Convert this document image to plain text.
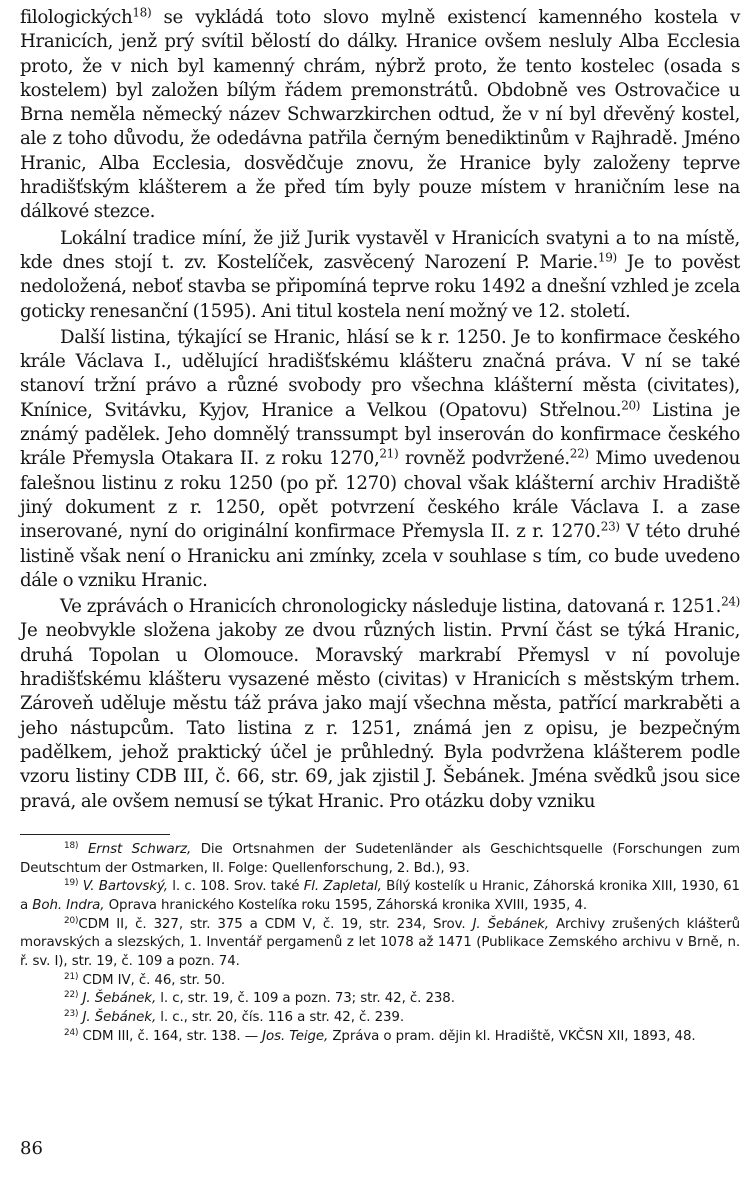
filologických$^{18)}$ se vykládá toto slovo mylně existencí kamenného kostela v Hranicích, jenž prý svítil bělostí do dálky. Hranice ovšem nesluly Alba Ecclesia proto, že v nich byl kamenný chrám, nýbrž proto, že tento kostelec (osada s kostelem) byl založen bílým řádem premonstrátů. Obdobně ves Ostrovačice u Brna neměla německý název Schwarzkirchen odtud, že v ní byl dřevěný kostel, ale z toho důvodu, že odedávna patřila černým benediktinům v Rajhradě. Jméno Hranic, Alba Ecclesia, dosvědčuje znovu, že Hranice byly založeny teprve hradišťským klášterem a že před tím byly pouze místem v hraničním lese na dálkové stezce.

Lokální tradice míní, že již Jurik vystavěl v Hranicích svatyni a to na místě, kde dnes stojí t. zv. Kostelíček, zasvěcený Narození P. Marie.$^{19)}$ Je to pověst nedoložená, neboť stavba se připomíná teprve roku 1492 a dnešní vzhled je zcela goticky renesanční (1595). Ani titul kostela není možný ve 12. století.

Další listina, týkající se Hranic, hlásí se k r. 1250. Je to konfirmace českého krále Václava I., udělující hradišťskému klášteru značná práva. V ní se také stanoví tržní právo a různé svobody pro všechna klášterní města (civitates), Knínice, Svitávku, Kyjov, Hranice a Velkou (Opatovu) Střelnou.$^{20)}$ Listina je známý padělek. Jeho domnělý transsumpt byl inserován do konfirmace českého krále Přemysla Otakara II. z roku 1270,$^{21)}$ rovněž podvržené.$^{22)}$ Mimo uvedenou falešnou listinu z roku 1250 (po př. 1270) choval však klášterní archiv Hradiště jiný dokument z r. 1250, opět potvrzení českého krále Václava I. a zase inserované, nyní do originální konfirmace Přemysla II. z r. 1270.$^{23)}$ V této druhé listině však není o Hranicku ani zmínky, zcela v souhlase s tím, co bude uvedeno dále o vzniku Hranic.

Ve zprávách o Hranicích chronologicky následuje listina, datovaná r. 1251.$^{24)}$ Je neobvykle složena jakoby ze dvou různých listin. První část se týká Hranic, druhá Topolan u Olomouce. Moravský markrabí Přemysl v ní povoluje hradišťskému klášteru vysazené město (civitas) v Hranicích s městským trhem. Zároveň uděluje městu táž práva jako mají všechna města, patřící markraběti a jeho nástupcům. Tato listina z r. 1251, známá jen z opisu, je bezpečným padělkem, jehož praktický účel je průhledný. Byla podvržena klášterem podle vzoru listiny CDB III, č. 66, str. 69, jak zjistil J. Šebánek. Jména svědků jsou sice pravá, ale ovšem nemusí se týkat Hranic. Pro otázku doby vzniku

$^{18)}$ Ernst Schwarz, Die Ortsnahmen der Sudetenländer als Geschichtsquelle (Forschungen zum Deutschtum der Ostmarken, II. Folge: Quellenforschung, 2. Bd.), 93.

$^{19)}$ V. Bartovský, l. c. 108. Srov. také Fl. Zapletal, Bílý kostelík u Hranic, Záhorská kronika XIII, 1930, 61 a Boh. Indra, Oprava hranického Kostelíka roku 1595, Záhorská kronika XVIII, 1935, 4.

$^{20)}$CDM II, č. 327, str. 375 a CDM V, č. 19, str. 234, Srov. J. Šebánek, Archivy zrušených klášterů moravských a slezských, 1. Inventář pergamenů z let 1078 až 1471 (Publikace Zemského archivu v Brně, n. ř. sv. I), str. 19, č. 109 a pozn. 74.

$^{21)}$ CDM IV, č. 46, str. 50.

$^{22)}$ J. Šebánek, l. c, str. 19, č. 109 a pozn. 73; str. 42, č. 238.

$^{23)}$ J. Šebánek, l. c., str. 20, čís. 116 a str. 42, č. 239.

$^{24)}$ CDM III, č. 164, str. 138. — Jos. Teige, Zpráva o pram. dějin kl. Hradiště, VKČSN XII, 1893, 48.

86
